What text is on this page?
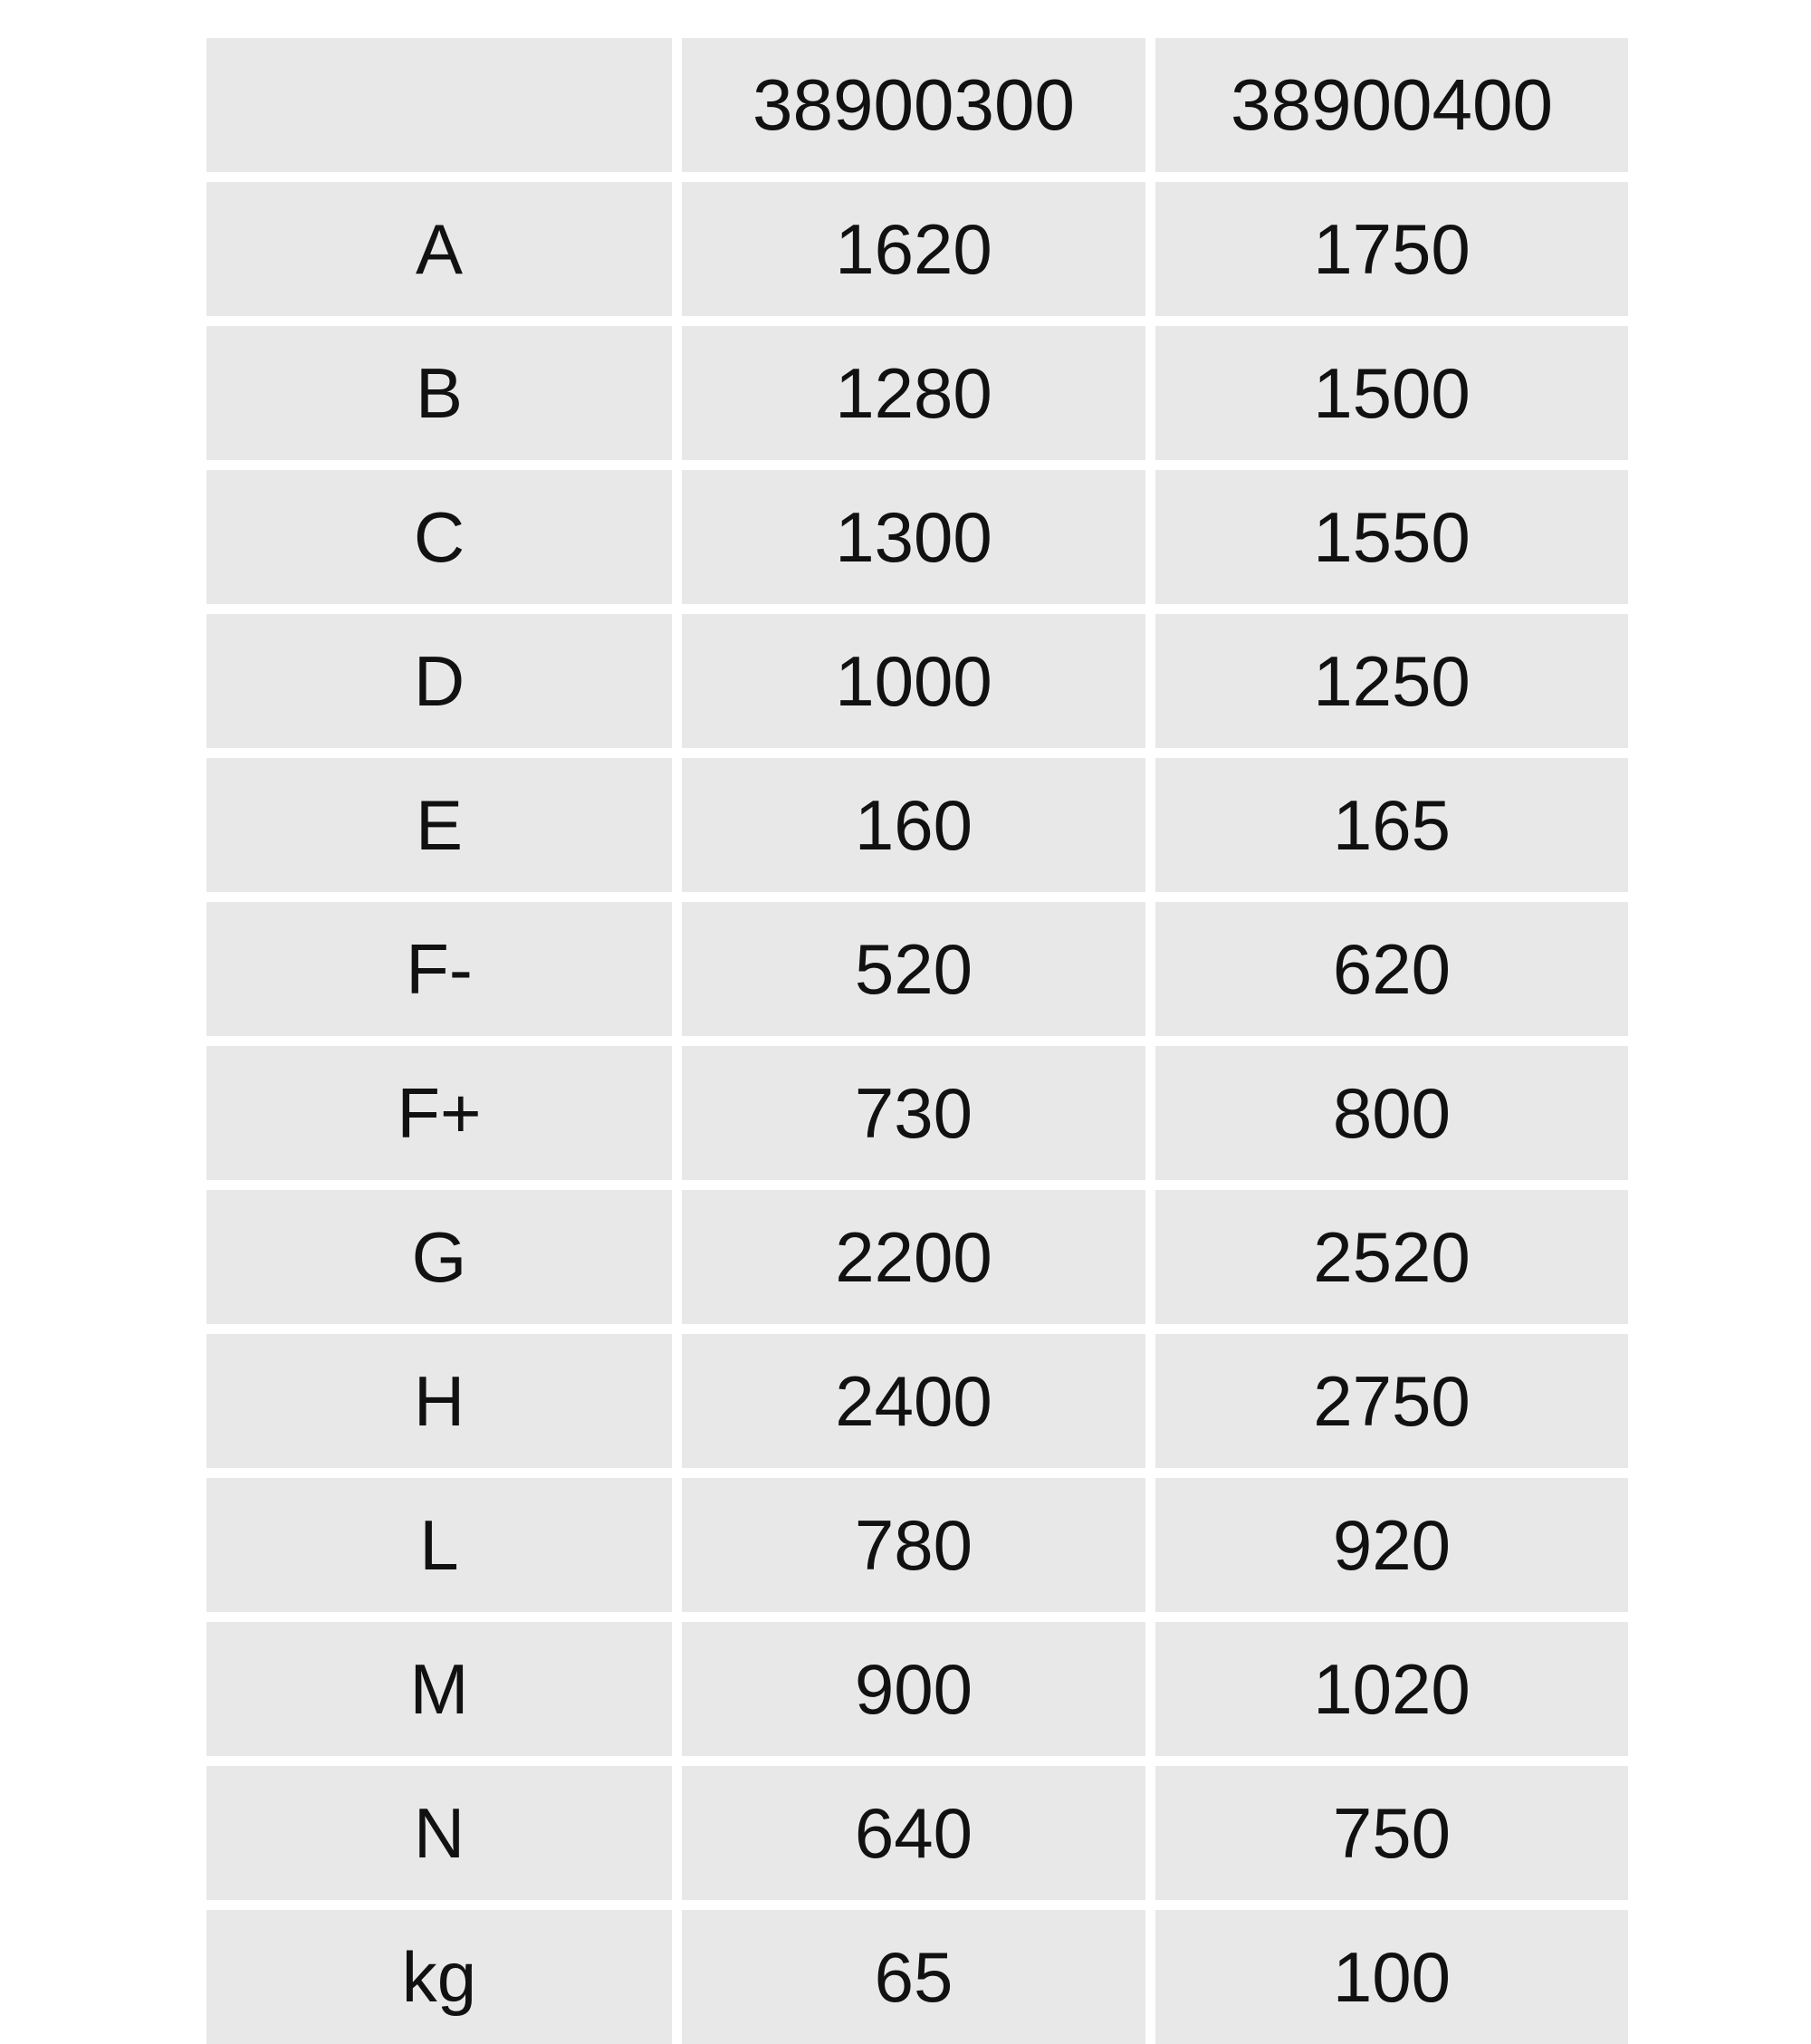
	38900300	38900400
A	1620	1750
B	1280	1500
C	1300	1550
D	1000	1250
E	160	165
F-	520	620
F+	730	800
G	2200	2520
H	2400	2750
L	780	920
M	900	1020
N	640	750
kg	65	100
